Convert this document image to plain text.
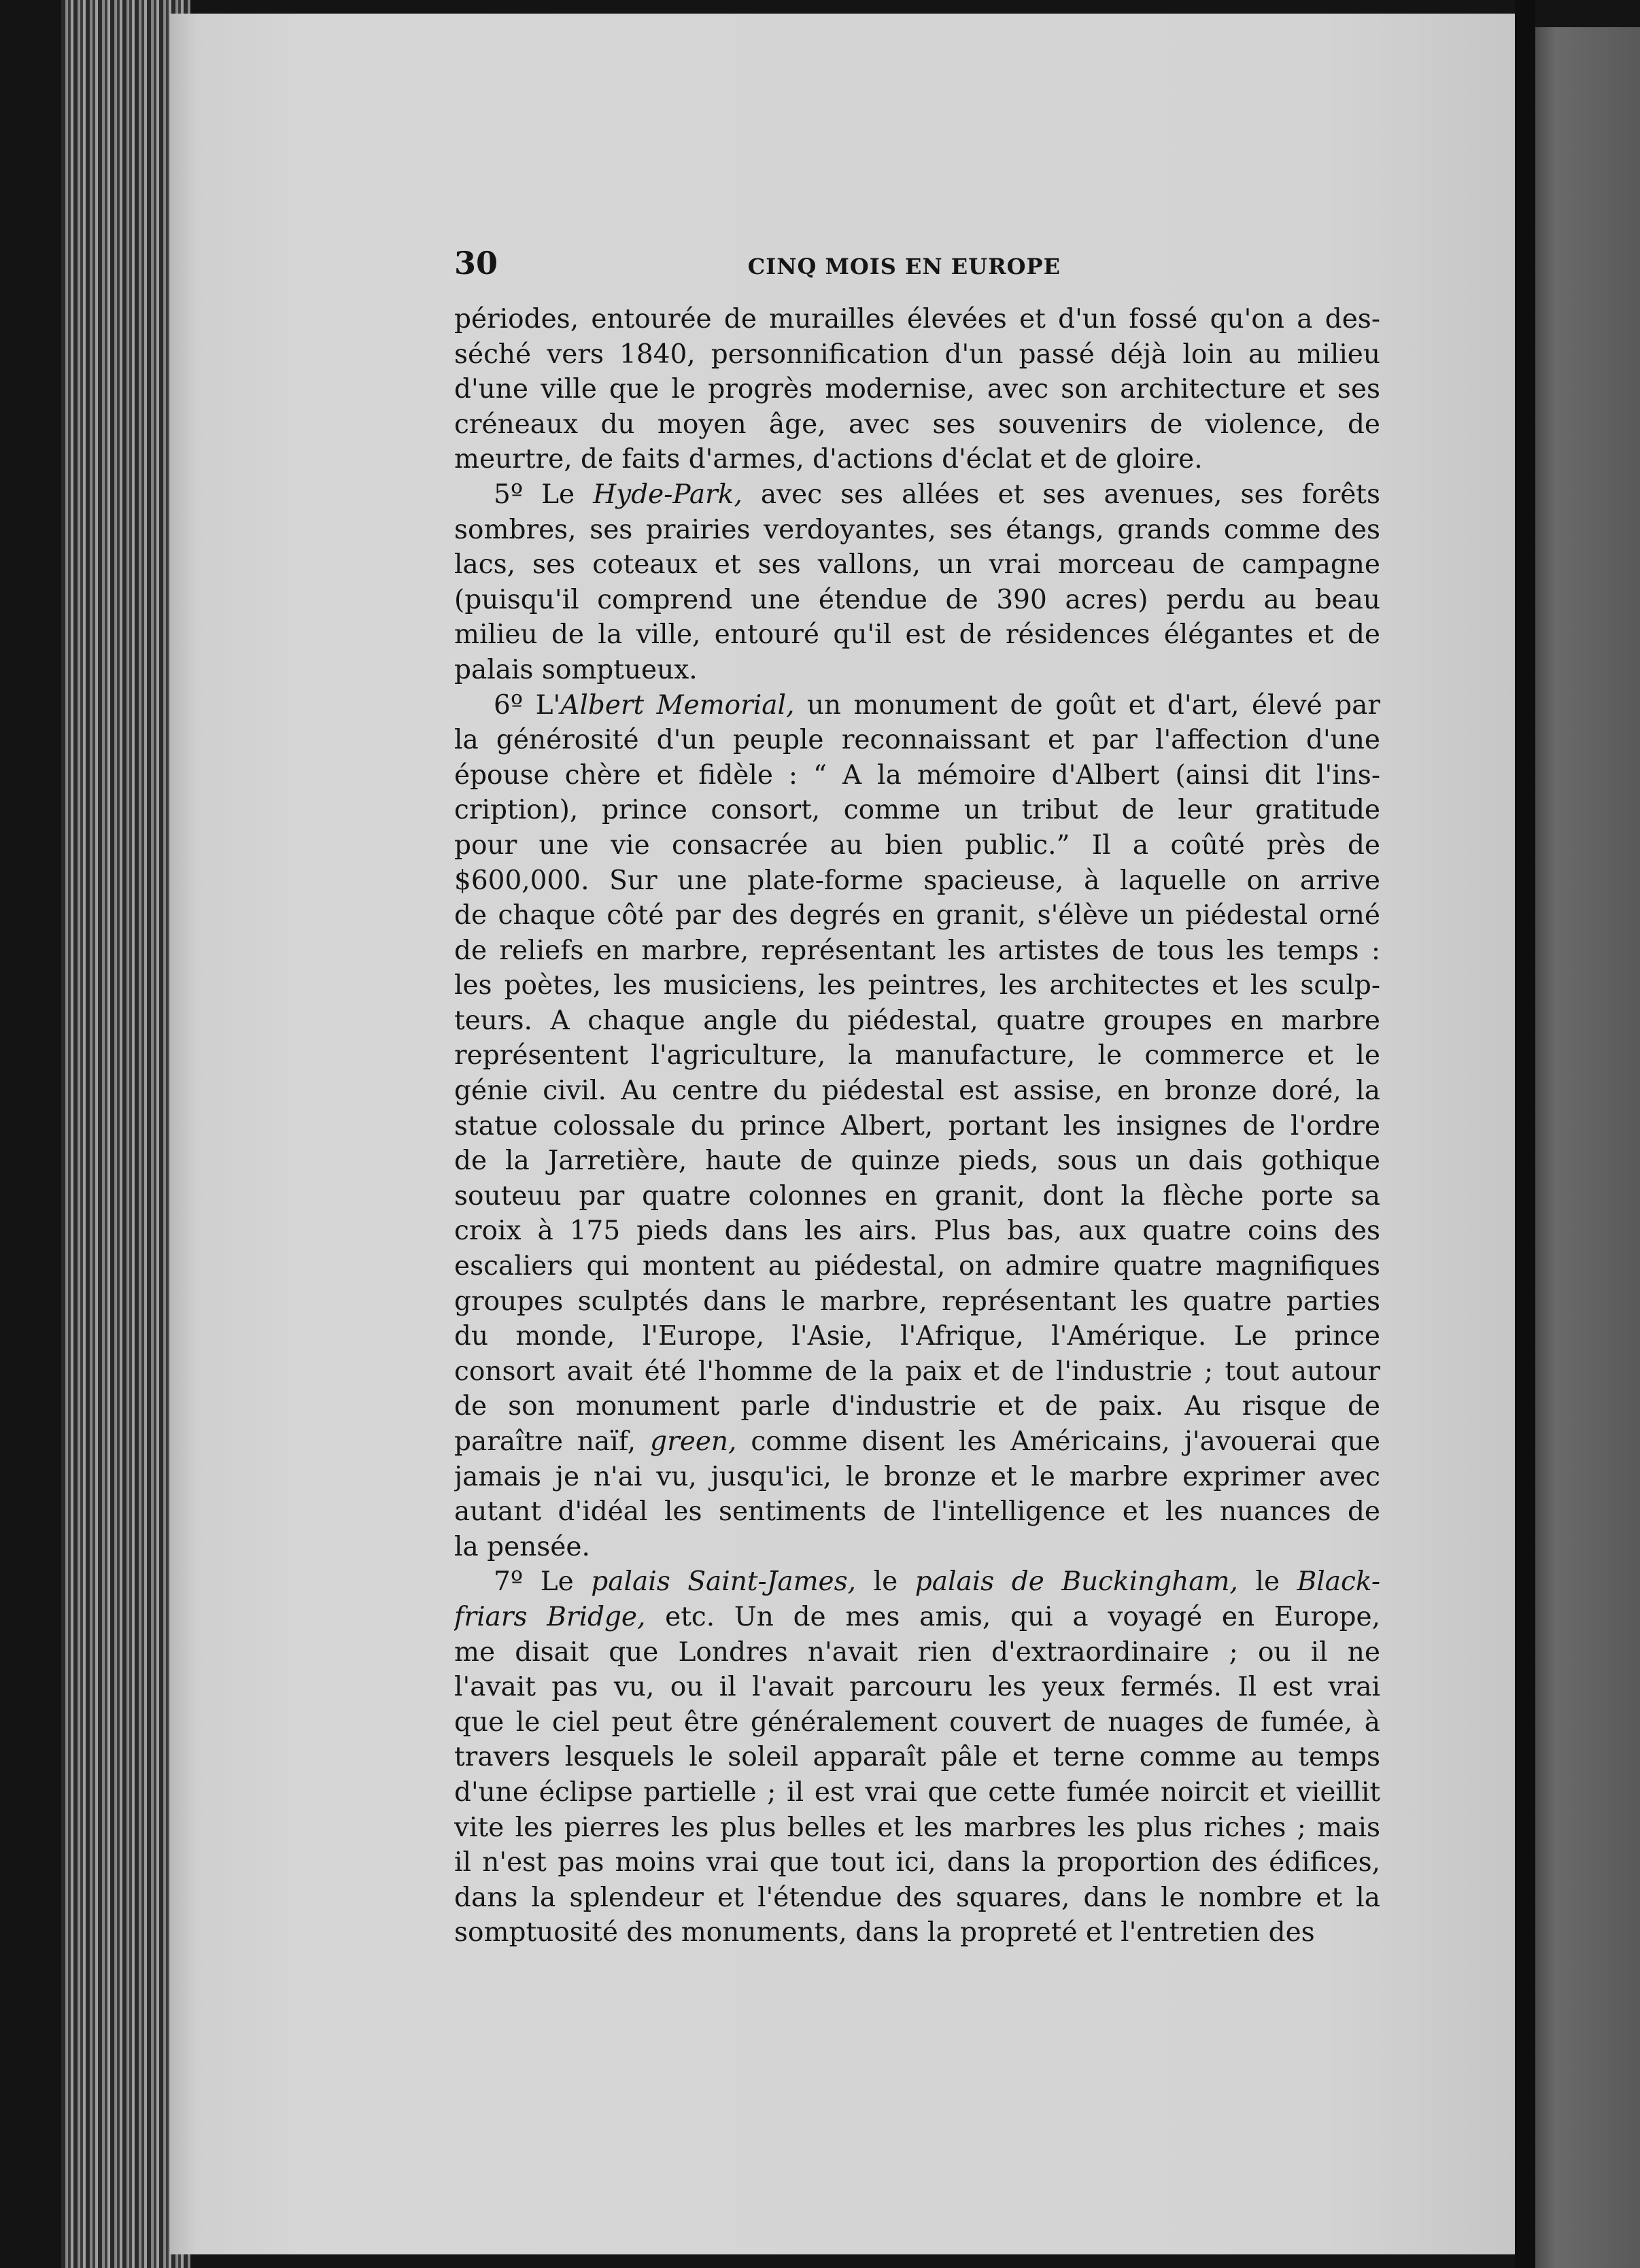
30	CINQ MOIS EN EUROPE
périodes, entourée de murailles élevées et d'un fossé qu'on a des-
séché vers 1840, personnification d'un passé déjà loin au milieu
d'une ville que le progrès modernise, avec son architecture et ses
créneaux du moyen âge, avec ses souvenirs de violence, de
meurtre, de faits d'armes, d'actions d'éclat et de gloire.
5º Le Hyde-Park, avec ses allées et ses avenues, ses forêts
sombres, ses prairies verdoyantes, ses étangs, grands comme des
lacs, ses coteaux et ses vallons, un vrai morceau de campagne
(puisqu'il comprend une étendue de 390 acres) perdu au beau
milieu de la ville, entouré qu'il est de résidences élégantes et de
palais somptueux.
6º L'Albert Memorial, un monument de goût et d'art, élevé par
la générosité d'un peuple reconnaissant et par l'affection d'une
épouse chère et fidèle : “ A la mémoire d'Albert (ainsi dit l'ins-
cription), prince consort, comme un tribut de leur gratitude
pour une vie consacrée au bien public.” Il a coûté près de
$600,000. Sur une plate-forme spacieuse, à laquelle on arrive
de chaque côté par des degrés en granit, s'élève un piédestal orné
de reliefs en marbre, représentant les artistes de tous les temps :
les poètes, les musiciens, les peintres, les architectes et les sculp-
teurs. A chaque angle du piédestal, quatre groupes en marbre
représentent l'agriculture, la manufacture, le commerce et le
génie civil. Au centre du piédestal est assise, en bronze doré, la
statue colossale du prince Albert, portant les insignes de l'ordre
de la Jarretière, haute de quinze pieds, sous un dais gothique
souteuu par quatre colonnes en granit, dont la flèche porte sa
croix à 175 pieds dans les airs. Plus bas, aux quatre coins des
escaliers qui montent au piédestal, on admire quatre magnifiques
groupes sculptés dans le marbre, représentant les quatre parties
du monde, l'Europe, l'Asie, l'Afrique, l'Amérique. Le prince
consort avait été l'homme de la paix et de l'industrie ; tout autour
de son monument parle d'industrie et de paix. Au risque de
paraître naïf, green, comme disent les Américains, j'avouerai que
jamais je n'ai vu, jusqu'ici, le bronze et le marbre exprimer avec
autant d'idéal les sentiments de l'intelligence et les nuances de
la pensée.
7º Le palais Saint-James, le palais de Buckingham, le Black-
friars Bridge, etc. Un de mes amis, qui a voyagé en Europe,
me disait que Londres n'avait rien d'extraordinaire ; ou il ne
l'avait pas vu, ou il l'avait parcouru les yeux fermés. Il est vrai
que le ciel peut être généralement couvert de nuages de fumée, à
travers lesquels le soleil apparaît pâle et terne comme au temps
d'une éclipse partielle ; il est vrai que cette fumée noircit et vieillit
vite les pierres les plus belles et les marbres les plus riches ; mais
il n'est pas moins vrai que tout ici, dans la proportion des édifices,
dans la splendeur et l'étendue des squares, dans le nombre et la
somptuosité des monuments, dans la propreté et l'entretien des
